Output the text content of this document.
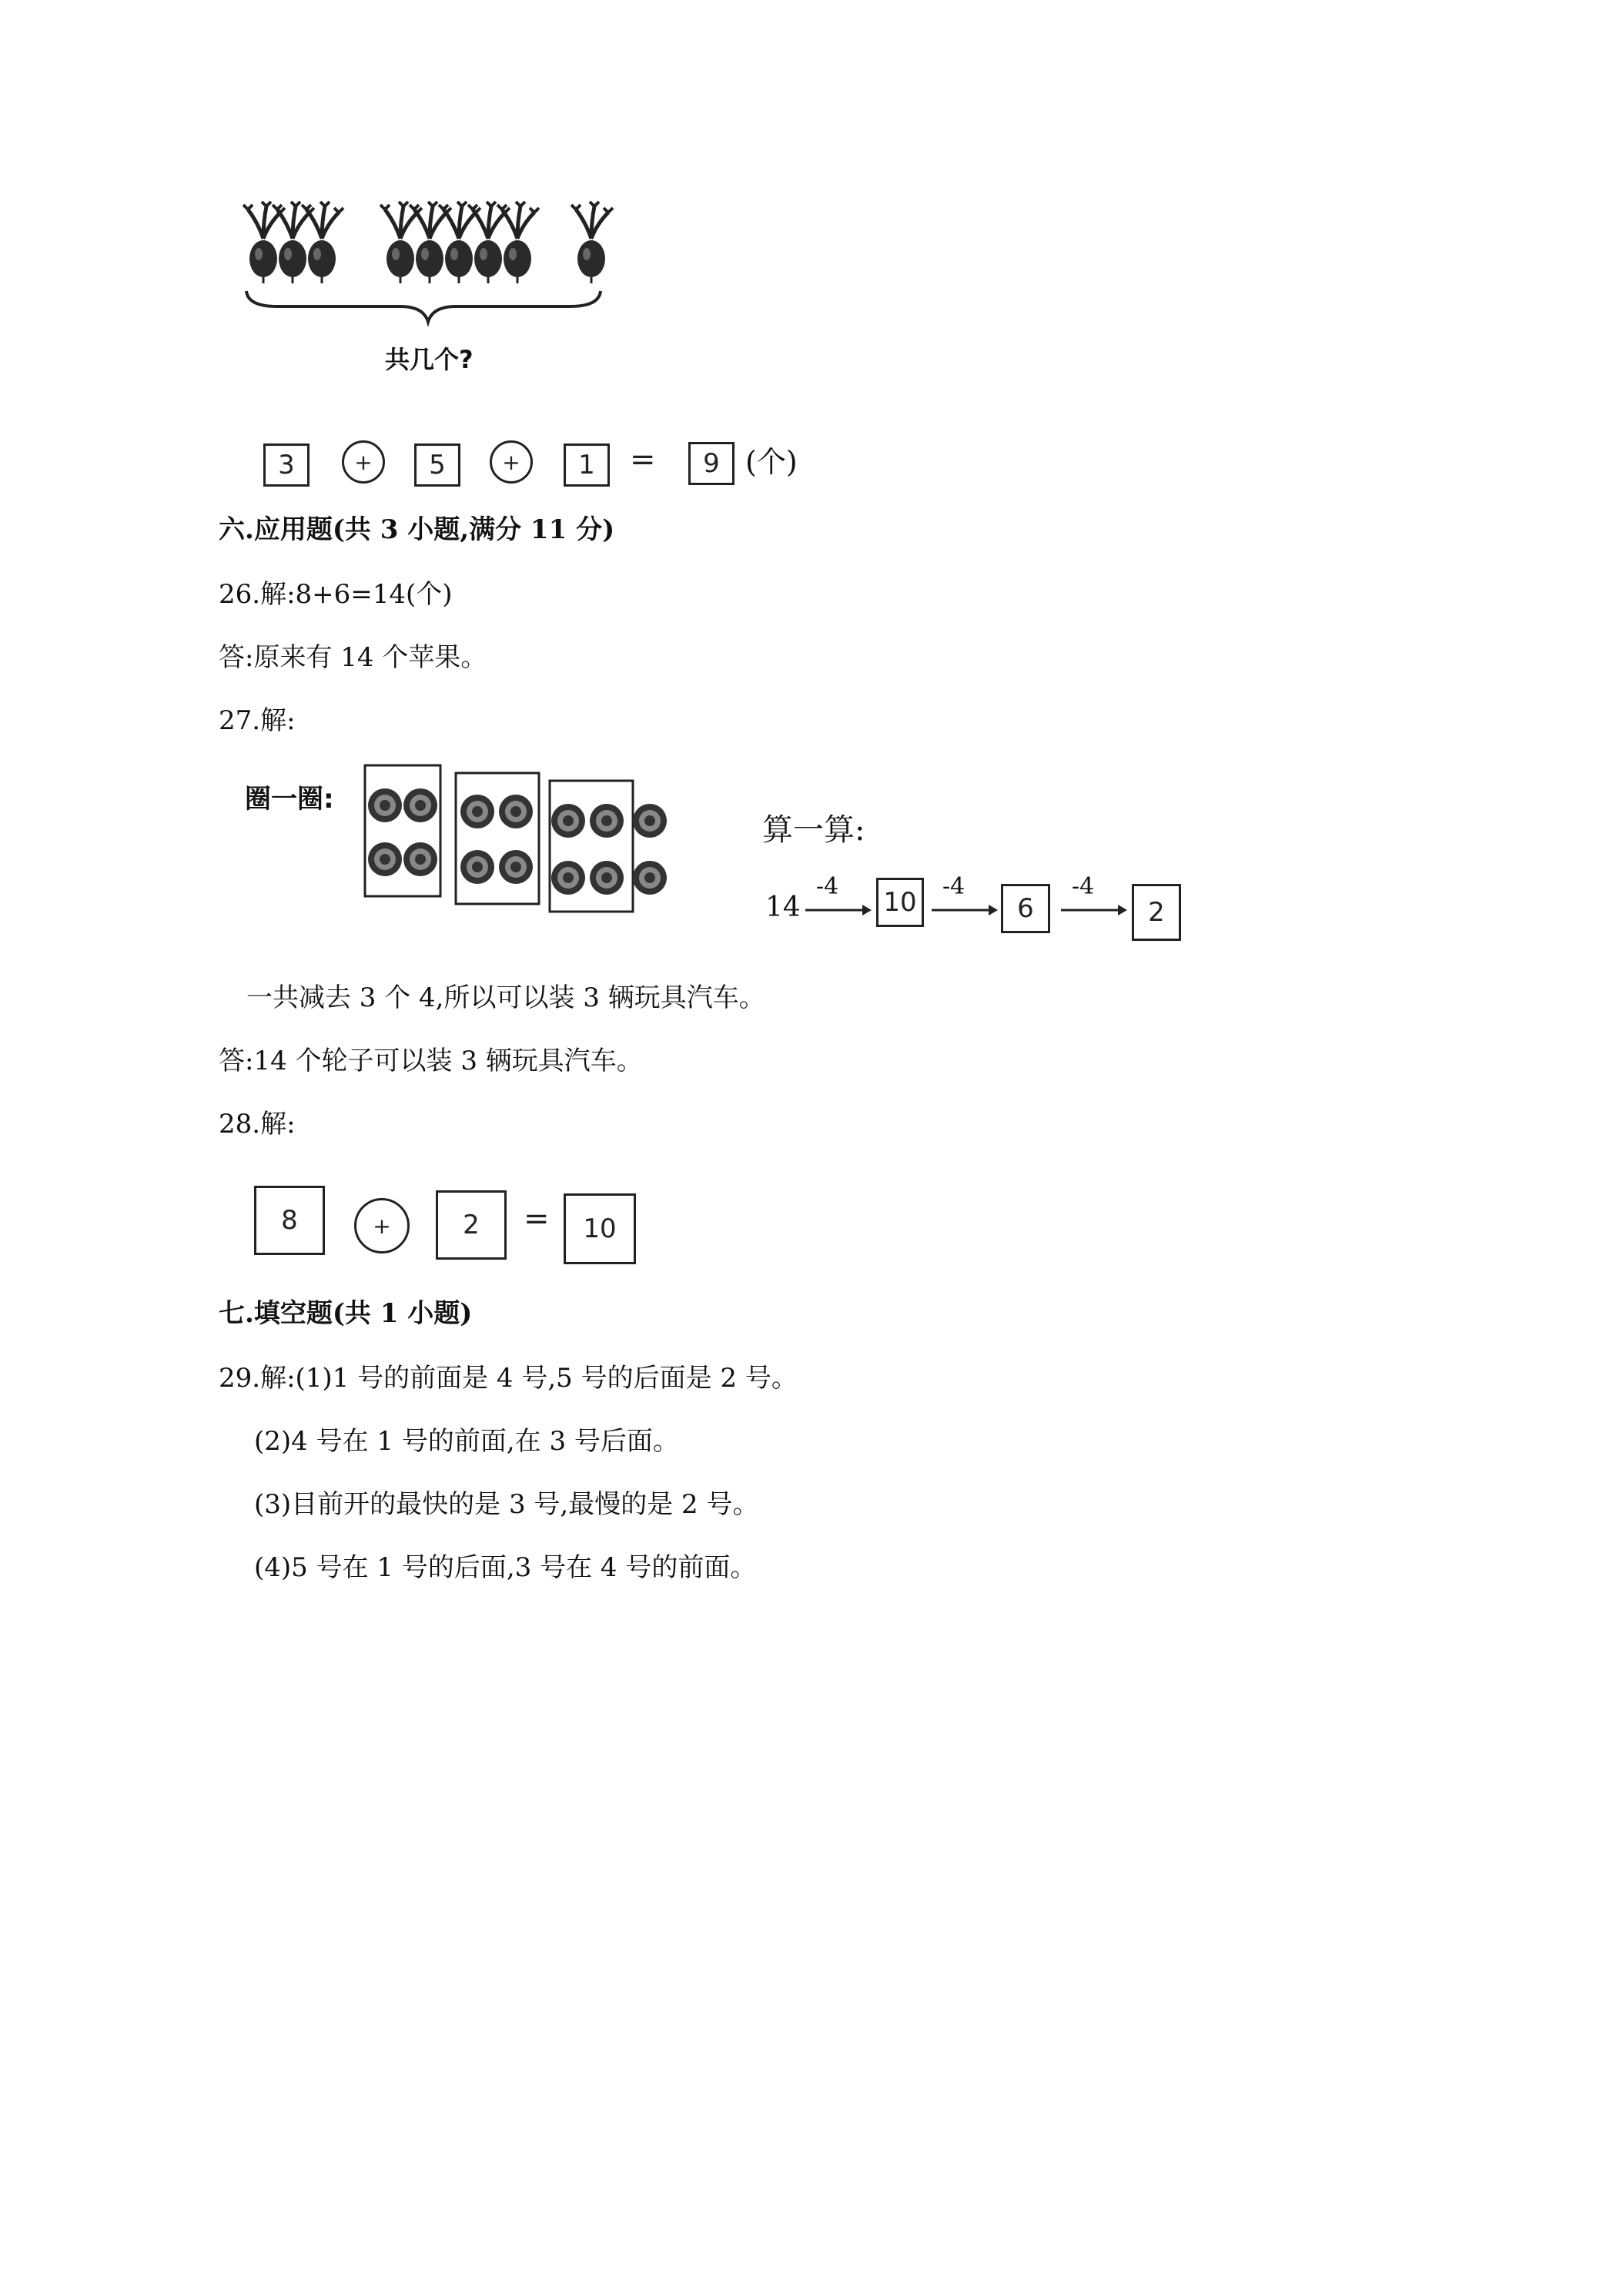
共几个?
3	+	5	+	1	=	9 (个)
六.应用题(共 3 小题,满分 11 分)
26.解:8+6=14(个)
答:原来有 14 个苹果。
27.解:
圈一圈:
算一算:
14
-4
10
-4
6
-4
2
一共减去 3 个 4,所以可以装 3 辆玩具汽车。
答:14 个轮子可以装 3 辆玩具汽车。
28.解:
8	+	2	=	10
七.填空题(共 1 小题)
29.解:(1)1 号的前面是 4 号,5 号的后面是 2 号。
(2)4 号在 1 号的前面,在 3 号后面。
(3)目前开的最快的是 3 号,最慢的是 2 号。
(4)5 号在 1 号的后面,3 号在 4 号的前面。
